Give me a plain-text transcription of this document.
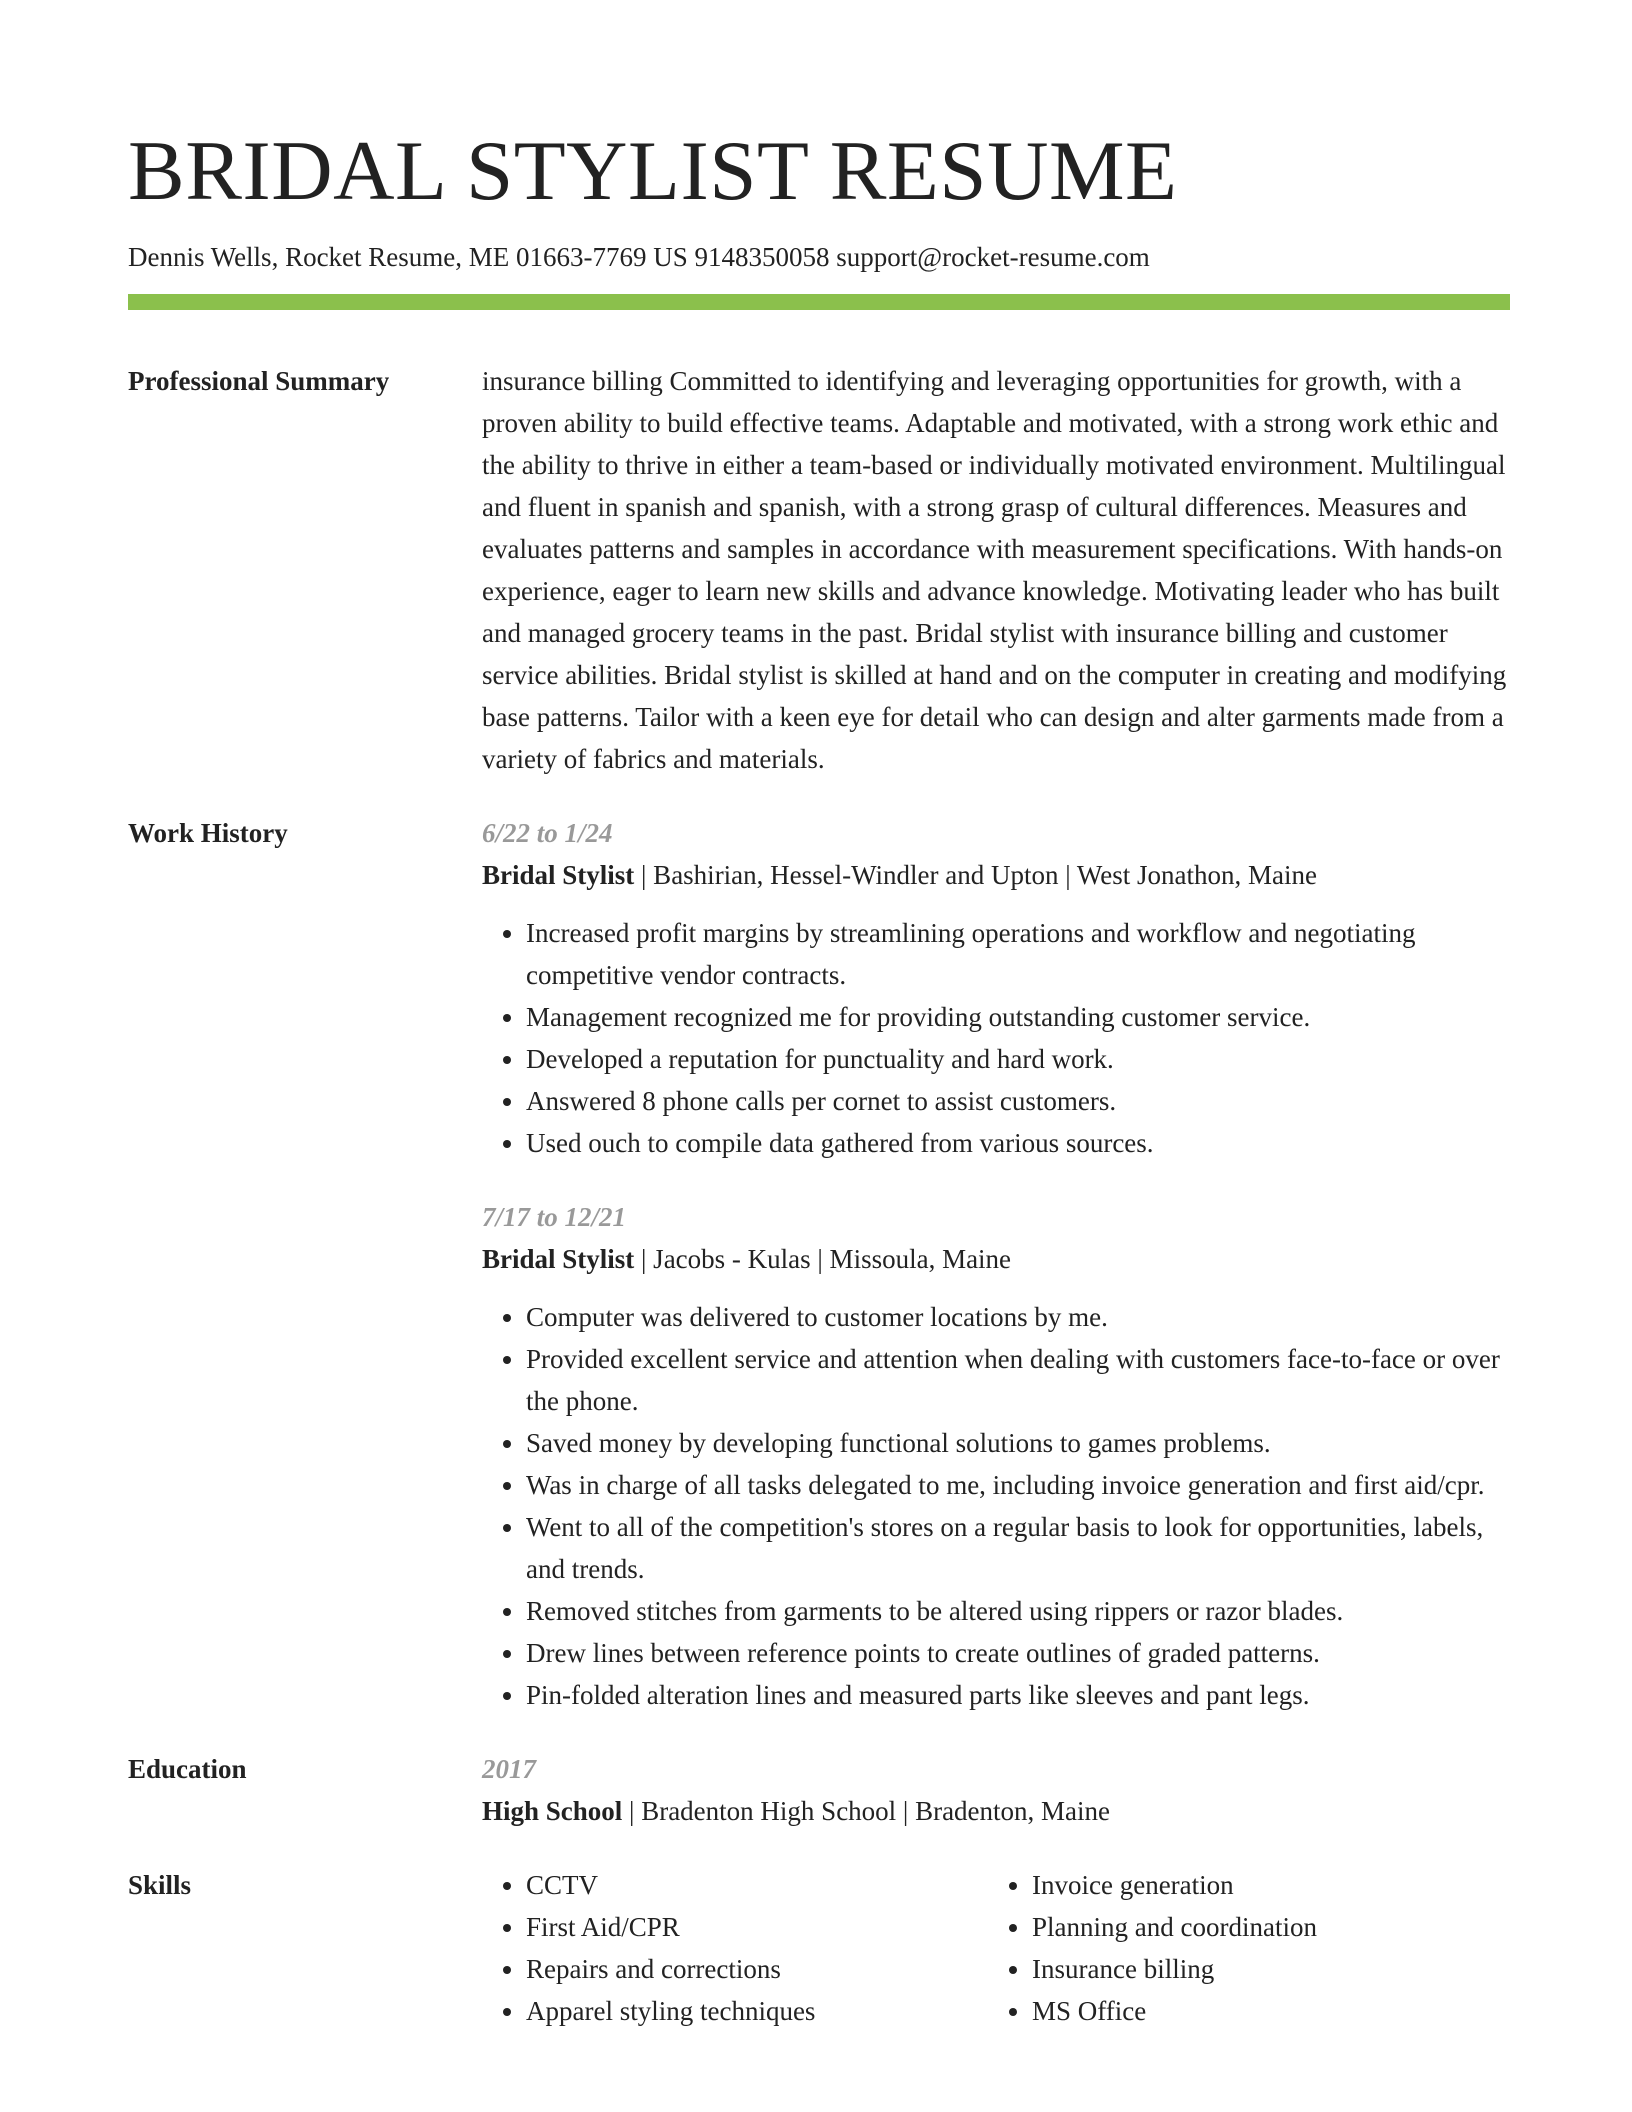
BRIDAL STYLIST RESUME
Dennis Wells, Rocket Resume, ME 01663-7769 US 9148350058 support@rocket-resume.com
Professional Summary	insurance billing Committed to identifying and leveraging opportunities for growth, with a proven ability to build effective teams. Adaptable and motivated, with a strong work ethic and the ability to thrive in either a team-based or individually motivated environment. Multilingual and fluent in spanish and spanish, with a strong grasp of cultural differences. Measures and evaluates patterns and samples in accordance with measurement specifications. With hands-on experience, eager to learn new skills and advance knowledge. Motivating leader who has built and managed grocery teams in the past. Bridal stylist with insurance billing and customer service abilities. Bridal stylist is skilled at hand and on the computer in creating and modifying base patterns. Tailor with a keen eye for detail who can design and alter garments made from a variety of fabrics and materials.

Work History	6/22 to 1/24
Bridal Stylist | Bashirian, Hessel-Windler and Upton | West Jonathon, Maine
• Increased profit margins by streamlining operations and workflow and negotiating competitive vendor contracts.
• Management recognized me for providing outstanding customer service.
• Developed a reputation for punctuality and hard work.
• Answered 8 phone calls per cornet to assist customers.
• Used ouch to compile data gathered from various sources.
7/17 to 12/21
Bridal Stylist | Jacobs - Kulas | Missoula, Maine
• Computer was delivered to customer locations by me.
• Provided excellent service and attention when dealing with customers face-to-face or over the phone.
• Saved money by developing functional solutions to games problems.
• Was in charge of all tasks delegated to me, including invoice generation and first aid/cpr.
• Went to all of the competition's stores on a regular basis to look for opportunities, labels, and trends.
• Removed stitches from garments to be altered using rippers or razor blades.
• Drew lines between reference points to create outlines of graded patterns.
• Pin-folded alteration lines and measured parts like sleeves and pant legs.
Education	2017
High School | Bradenton High School | Bradenton, Maine
Skills
•	CCTV
• First Aid/CPR
• Repairs and corrections
• Apparel styling techniques
• Invoice generation
• Planning and coordination
• Insurance billing
• MS Office
